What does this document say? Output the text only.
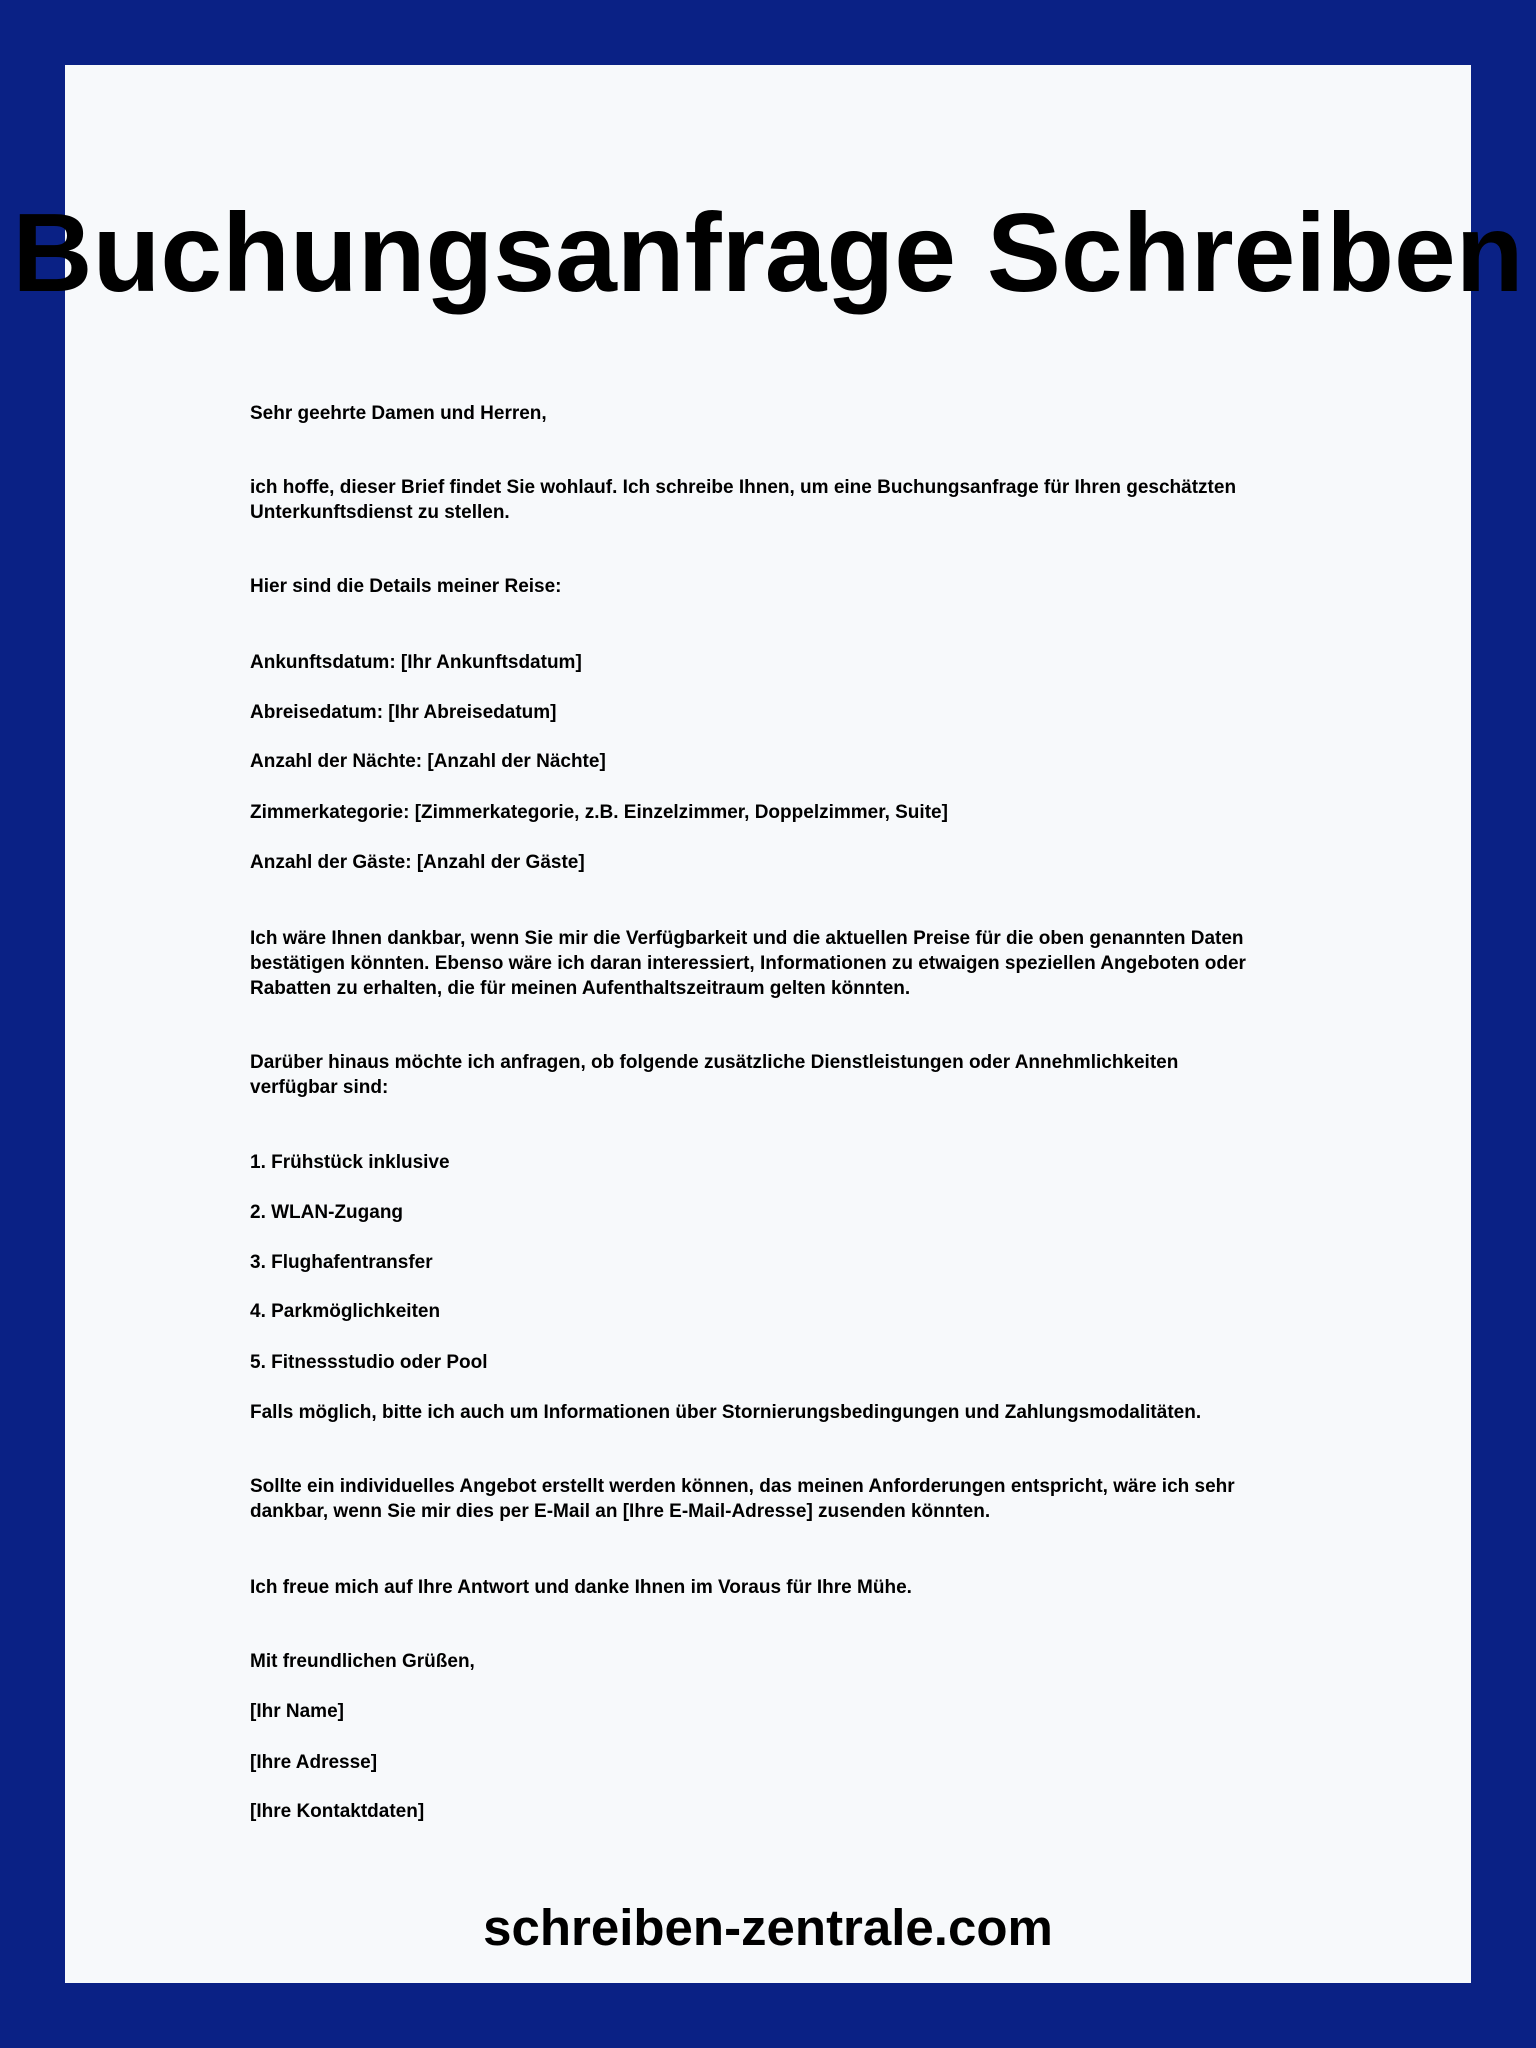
Buchungsanfrage Schreiben

Sehr geehrte Damen und Herren,

ich hoffe, dieser Brief findet Sie wohlauf. Ich schreibe Ihnen, um eine Buchungsanfrage für Ihren geschätzten Unterkunftsdienst zu stellen.

Hier sind die Details meiner Reise:

Ankunftsdatum: [Ihr Ankunftsdatum]

Abreisedatum: [Ihr Abreisedatum]

Anzahl der Nächte: [Anzahl der Nächte]

Zimmerkategorie: [Zimmerkategorie, z.B. Einzelzimmer, Doppelzimmer, Suite]

Anzahl der Gäste: [Anzahl der Gäste]

Ich wäre Ihnen dankbar, wenn Sie mir die Verfügbarkeit und die aktuellen Preise für die oben genannten Daten bestätigen könnten. Ebenso wäre ich daran interessiert, Informationen zu etwaigen speziellen Angeboten oder Rabatten zu erhalten, die für meinen Aufenthaltszeitraum gelten könnten.

Darüber hinaus möchte ich anfragen, ob folgende zusätzliche Dienstleistungen oder Annehmlichkeiten verfügbar sind:

1. Frühstück inklusive

2. WLAN-Zugang

3. Flughafentransfer

4. Parkmöglichkeiten

5. Fitnessstudio oder Pool

Falls möglich, bitte ich auch um Informationen über Stornierungsbedingungen und Zahlungsmodalitäten.

Sollte ein individuelles Angebot erstellt werden können, das meinen Anforderungen entspricht, wäre ich sehr dankbar, wenn Sie mir dies per E-Mail an [Ihre E-Mail-Adresse] zusenden könnten.

Ich freue mich auf Ihre Antwort und danke Ihnen im Voraus für Ihre Mühe.

Mit freundlichen Grüßen,

[Ihr Name]

[Ihre Adresse]

[Ihre Kontaktdaten]

schreiben-zentrale.com
